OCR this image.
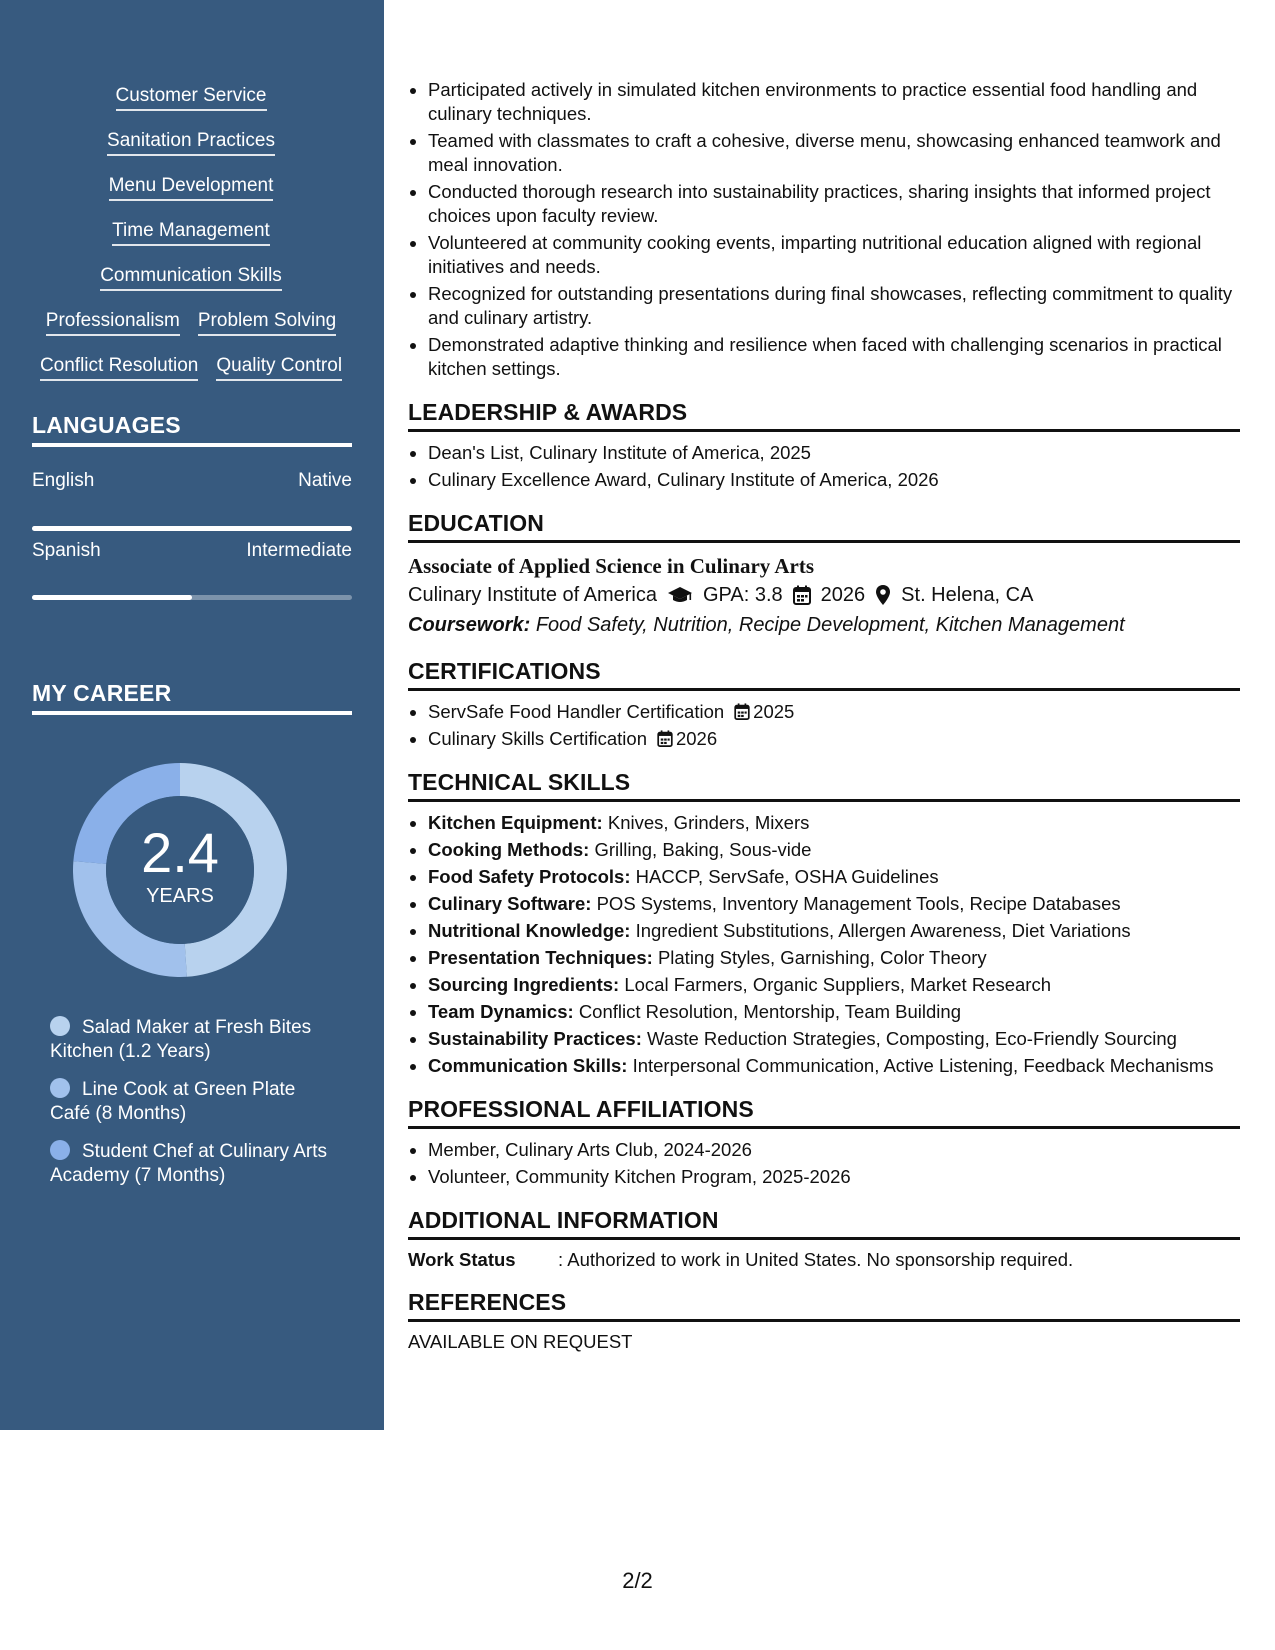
Customer Service
Sanitation Practices
Menu Development
Time Management
Communication Skills
Professionalism Problem Solving
Conflict Resolution Quality Control
LANGUAGES
English	Native
Spanish	Intermediate
MY CAREER
2.4
YEARS
Salad Maker at Fresh Bites Kitchen (1.2 Years)
Line Cook at Green Plate Café (8 Months)
Student Chef at Culinary Arts Academy (7 Months)
• Participated actively in simulated kitchen environments to practice essential food handling and culinary techniques.
• Teamed with classmates to craft a cohesive, diverse menu, showcasing enhanced teamwork and meal innovation.
• Conducted thorough research into sustainability practices, sharing insights that informed project choices upon faculty review.
• Volunteered at community cooking events, imparting nutritional education aligned with regional initiatives and needs.
• Recognized for outstanding presentations during final showcases, reflecting commitment to quality and culinary artistry.
• Demonstrated adaptive thinking and resilience when faced with challenging scenarios in practical kitchen settings.
LEADERSHIP & AWARDS
• Dean's List, Culinary Institute of America, 2025
• Culinary Excellence Award, Culinary Institute of America, 2026
EDUCATION
Associate of Applied Science in Culinary Arts
Culinary Institute of America GPA: 3.8 2026 St. Helena, CA
Coursework: Food Safety, Nutrition, Recipe Development, Kitchen Management
CERTIFICATIONS
• ServSafe Food Handler Certification 2025
• Culinary Skills Certification 2026
TECHNICAL SKILLS
• Kitchen Equipment: Knives, Grinders, Mixers
• Cooking Methods: Grilling, Baking, Sous-vide
• Food Safety Protocols: HACCP, ServSafe, OSHA Guidelines
• Culinary Software: POS Systems, Inventory Management Tools, Recipe Databases
• Nutritional Knowledge: Ingredient Substitutions, Allergen Awareness, Diet Variations
• Presentation Techniques: Plating Styles, Garnishing, Color Theory
• Sourcing Ingredients: Local Farmers, Organic Suppliers, Market Research
• Team Dynamics: Conflict Resolution, Mentorship, Team Building
• Sustainability Practices: Waste Reduction Strategies, Composting, Eco-Friendly Sourcing
• Communication Skills: Interpersonal Communication, Active Listening, Feedback Mechanisms
PROFESSIONAL AFFILIATIONS
• Member, Culinary Arts Club, 2024-2026
• Volunteer, Community Kitchen Program, 2025-2026
ADDITIONAL INFORMATION
Work Status	: Authorized to work in United States. No sponsorship required.
REFERENCES
AVAILABLE ON REQUEST
2/2
